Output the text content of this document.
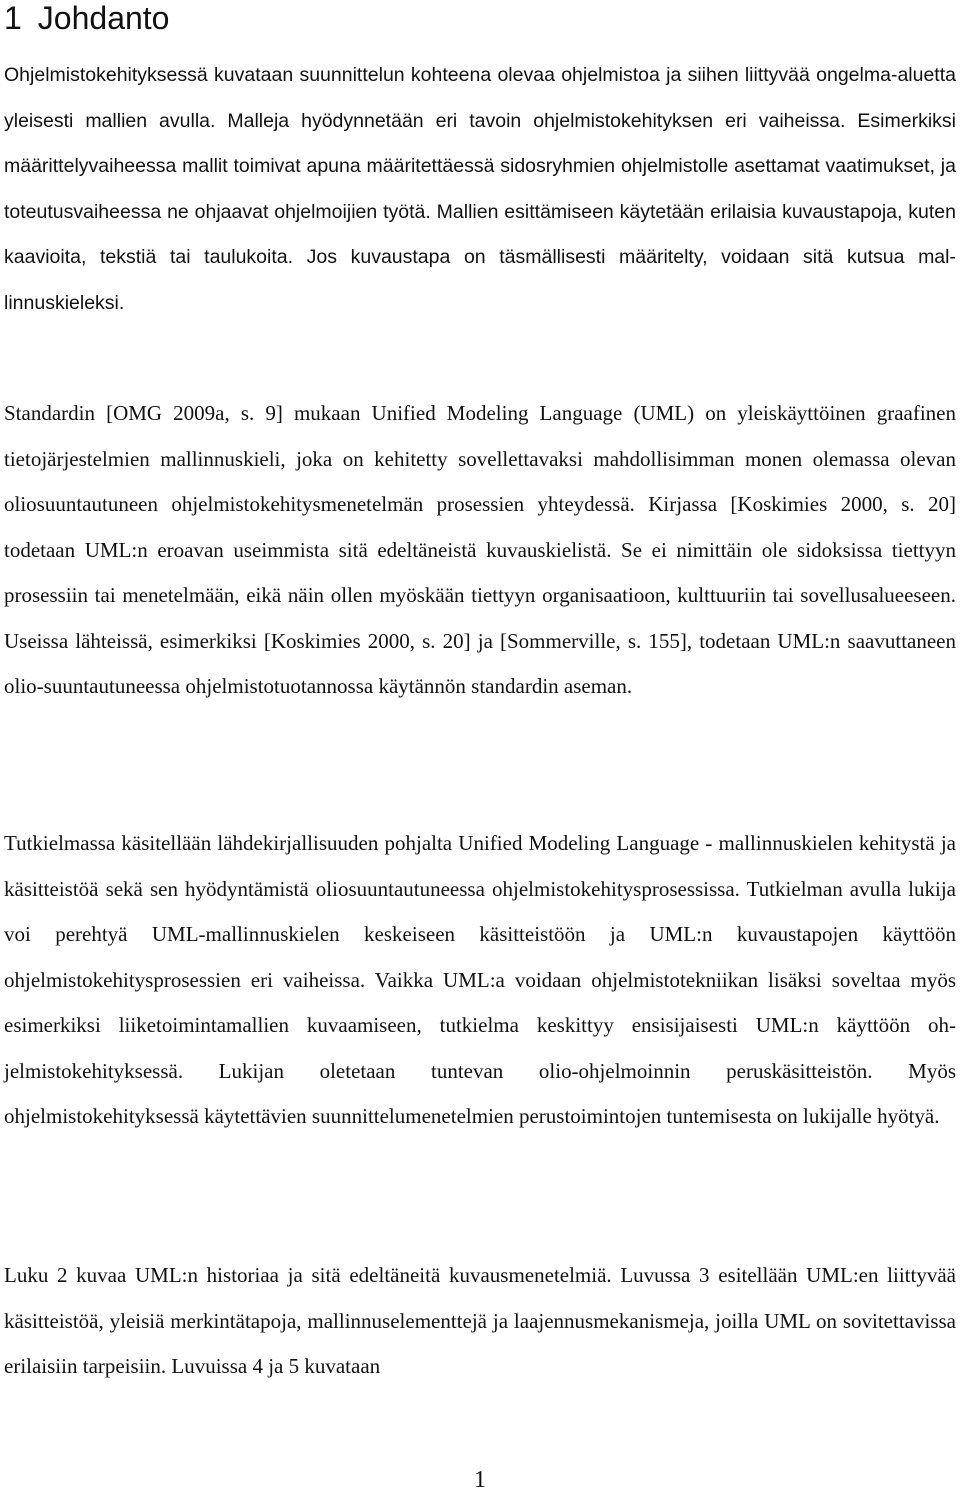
1 Johdanto

Ohjelmistokehityksessä kuvataan suunnittelun kohteena olevaa ohjelmistoa ja siihen liittyvää ongelma-aluetta yleisesti mallien avulla. Malleja hyödynnetään eri tavoin ohjelmistokehityksen eri vaiheissa. Esimerkiksi määrittelyvaiheessa mallit toimivat apuna määritettäessä sidosryhmien ohjelmistolle asettamat vaatimukset, ja toteutusvaiheessa ne ohjaavat ohjelmoijien työtä. Mallien esittämiseen käytetään erilaisia kuvaustapoja, kuten kaavioita, tekstiä tai taulukoita. Jos kuvaustapa on täsmällisesti määritelty, voidaan sitä kutsua mallinnuskieleksi.

Standardin [OMG 2009a, s. 9] mukaan Unified Modeling Language (UML) on yleiskäyttöinen graafinen tietojärjestelmien mallinnuskieli, joka on kehitetty sovellettavaksi mahdollisimman monen olemassa olevan oliosuuntautuneen ohjelmistokehitysmenetelmän prosessien yhteydessä. Kirjassa [Koskimies 2000, s. 20] todetaan UML:n eroavan useimmista sitä edeltäneistä kuvauskielistä. Se ei nimittäin ole sidoksissa tiettyyn prosessiin tai menetelmään, eikä näin ollen myöskään tiettyyn organisaatioon, kulttuuriin tai sovellusalueeseen. Useissa lähteissä, esimerkiksi [Koskimies 2000, s. 20] ja [Sommerville, s. 155], todetaan UML:n saavuttaneen olio-suuntautuneessa ohjelmistotuotannossa käytännön standardin aseman.

Tutkielmassa käsitellään lähdekirjallisuuden pohjalta Unified Modeling Language - mallinnuskielen kehitystä ja käsitteistöä sekä sen hyödyntämistä oliosuuntautuneessa ohjelmistokehitysprosessissa. Tutkielman avulla lukija voi perehtyä UML-mallinnuskielen keskeiseen käsitteistöön ja UML:n kuvaustapojen käyttöön ohjelmistokehitysprosessien eri vaiheissa. Vaikka UML:a voidaan ohjelmistotekniikan lisäksi soveltaa myös esimerkiksi liiketoimintamallien kuvaamiseen, tutkielma keskittyy ensisijaisesti UML:n käyttöön ohjelmistokehityksessä. Lukijan oletetaan tuntevan olio-ohjelmoinnin peruskäsitteistön. Myös ohjelmistokehityksessä käytettävien suunnittelumenetelmien perustoimintojen tuntemisesta on lukijalle hyötyä.

Luku 2 kuvaa UML:n historiaa ja sitä edeltäneitä kuvausmenetelmiä. Luvussa 3 esitellään UML:en liittyvää käsitteistöä, yleisiä merkintätapoja, mallinnuselementtejä ja laajennusmekanismeja, joilla UML on sovitettavissa erilaisiin tarpeisiin. Luvuissa 4 ja 5 kuvataan

1
